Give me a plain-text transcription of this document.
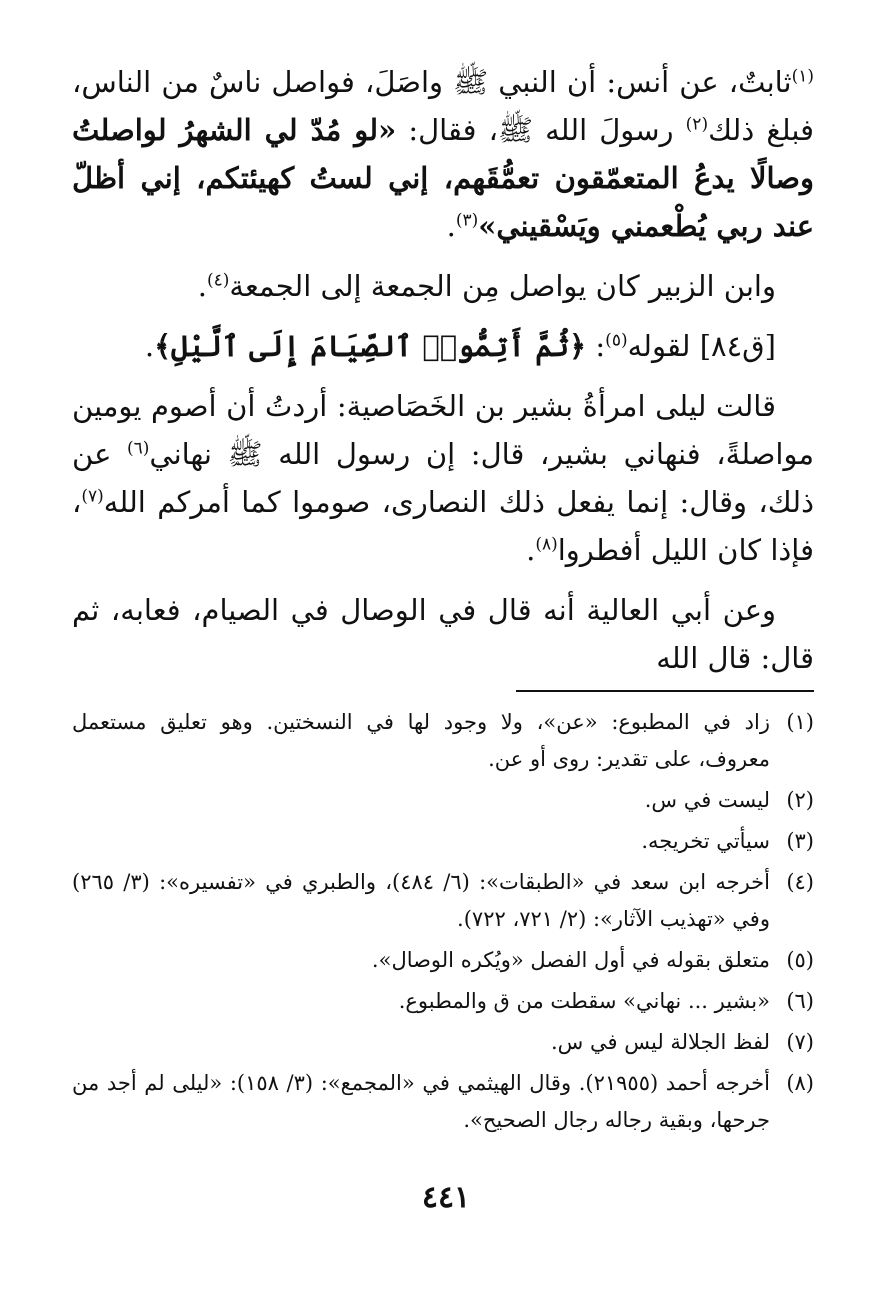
$^{(١)}$ثابتٌ، عن أنس: أن النبي ﷺ واصَلَ، فواصل ناسٌ من الناس، فبلغ ذلك$^{(٢)}$ رسولَ الله ﷺ، فقال: «لو مُدّ لي الشهرُ لواصلتُ وصالًا يدعُ المتعمّقون تعمُّقَهم، إني لستُ كهيئتكم، إني أظلّ عند ربي يُطْعمني ويَسْقيني»$^{(٣)}$.

وابن الزبير كان يواصل مِن الجمعة إلى الجمعة$^{(٤)}$.

[ق٨٤] لقوله$^{(٥)}$: ﴿ثُمَّ أَتِمُّوا۟ ٱلصِّيَامَ إِلَى ٱلَّيْلِ﴾.

قالت ليلى امرأةُ بشير بن الخَصَاصية: أردتُ أن أصوم يومين مواصلةً، فنهاني بشير، قال: إن رسول الله ﷺ نهاني$^{(٦)}$ عن ذلك، وقال: إنما يفعل ذلك النصارى، صوموا كما أمركم الله$^{(٧)}$، فإذا كان الليل أفطروا$^{(٨)}$.

وعن أبي العالية أنه قال في الوصال في الصيام، فعابه، ثم قال: قال الله

(١)
زاد في المطبوع: «عن»، ولا وجود لها في النسختين. وهو تعليق مستعمل معروف، على تقدير: روى أو عن.
(٢)
ليست في س.
(٣)
سيأتي تخريجه.
(٤)
أخرجه ابن سعد في «الطبقات»: (٦/ ٤٨٤)، والطبري في «تفسيره»: (٣/ ٢٦٥) وفي «تهذيب الآثار»: (٢/ ٧٢١، ٧٢٢).
(٥)
متعلق بقوله في أول الفصل «ويُكره الوصال».
(٦)
«بشير ... نهاني» سقطت من ق والمطبوع.
(٧)
لفظ الجلالة ليس في س.
(٨)
أخرجه أحمد (٢١٩٥٥). وقال الهيثمي في «المجمع»: (٣/ ١٥٨): «ليلى لم أجد من جرحها، وبقية رجاله رجال الصحيح».
٤٤١
